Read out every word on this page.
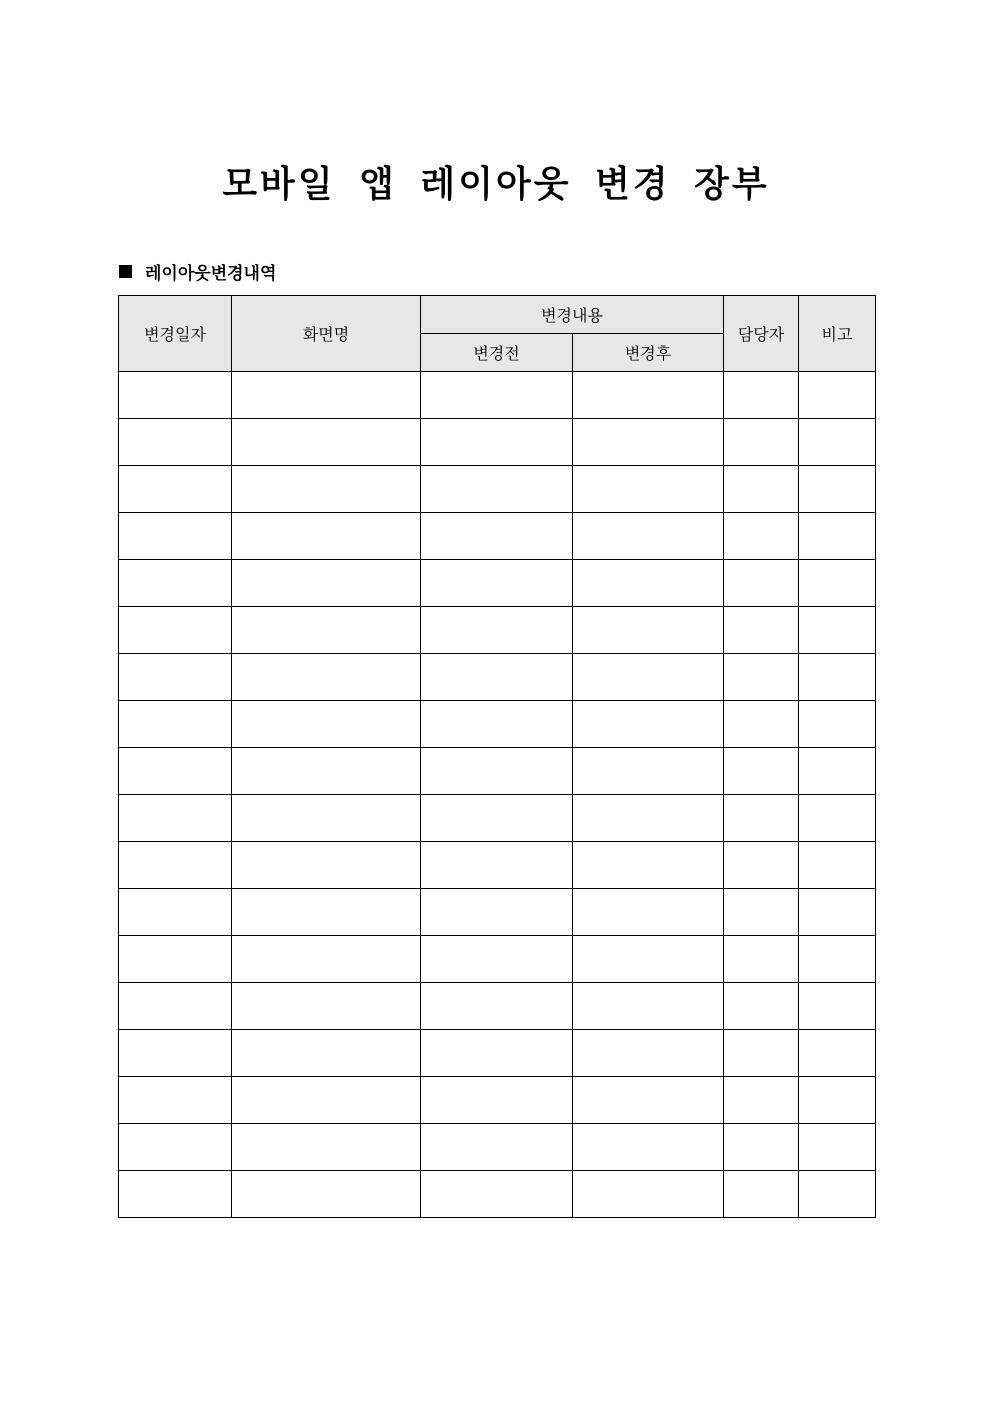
모바일 앱 레이아웃 변경 장부
레이아웃변경내역
변경일자	화면명	변경내용		담당자	비고
		변경전	변경후		
